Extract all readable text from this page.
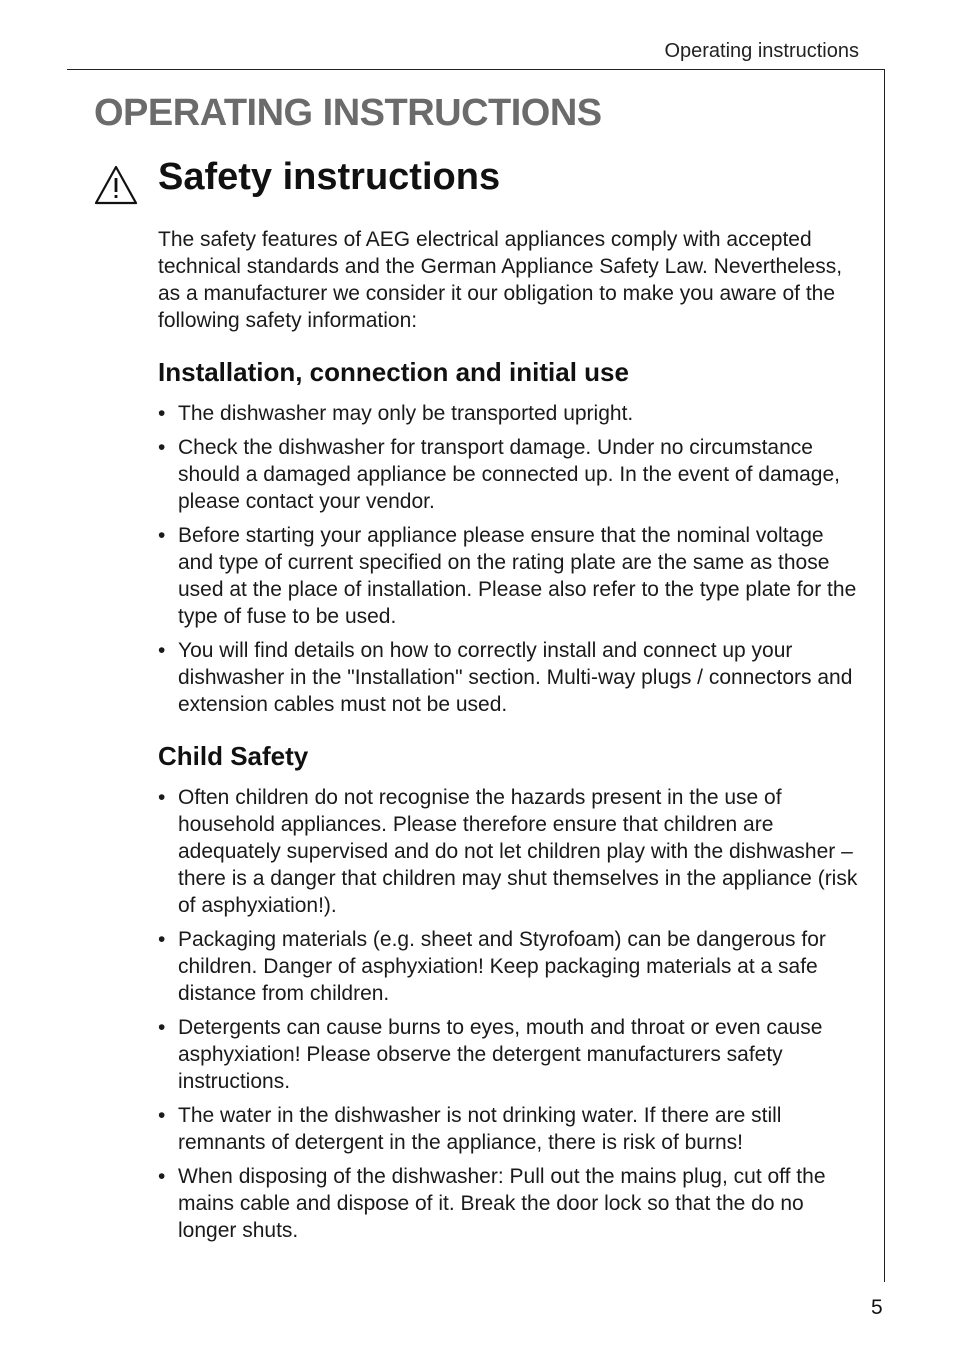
Operating instructions
OPERATING INSTRUCTIONS
Safety instructions

The safety features of AEG electrical appliances comply with accepted technical standards and the German Appliance Safety Law. Nevertheless, as a manufacturer we consider it our obligation to make you aware of the following safety information:

Installation, connection and initial use
• The dishwasher may only be transported upright.
• Check the dishwasher for transport damage. Under no circumstance should a damaged appliance be connected up. In the event of damage, please contact your vendor.
• Before starting your appliance please ensure that the nominal voltage and type of current specified on the rating plate are the same as those used at the place of installation. Please also refer to the type plate for the type of fuse to be used.
• You will find details on how to correctly install and connect up your dishwasher in the "Installation" section. Multi-way plugs / connectors and extension cables must not be used.
Child Safety
• Often children do not recognise the hazards present in the use of household appliances. Please therefore ensure that children are adequately supervised and do not let children play with the dishwasher – there is a danger that children may shut themselves in the appliance (risk of asphyxiation!).
• Packaging materials (e.g. sheet and Styrofoam) can be dangerous for children. Danger of asphyxiation! Keep packaging materials at a safe distance from children.
• Detergents can cause burns to eyes, mouth and throat or even cause asphyxiation! Please observe the detergent manufacturers safety instructions.
• The water in the dishwasher is not drinking water. If there are still remnants of detergent in the appliance, there is risk of burns!
• When disposing of the dishwasher: Pull out the mains plug, cut off the mains cable and dispose of it. Break the door lock so that the do no longer shuts.
5
